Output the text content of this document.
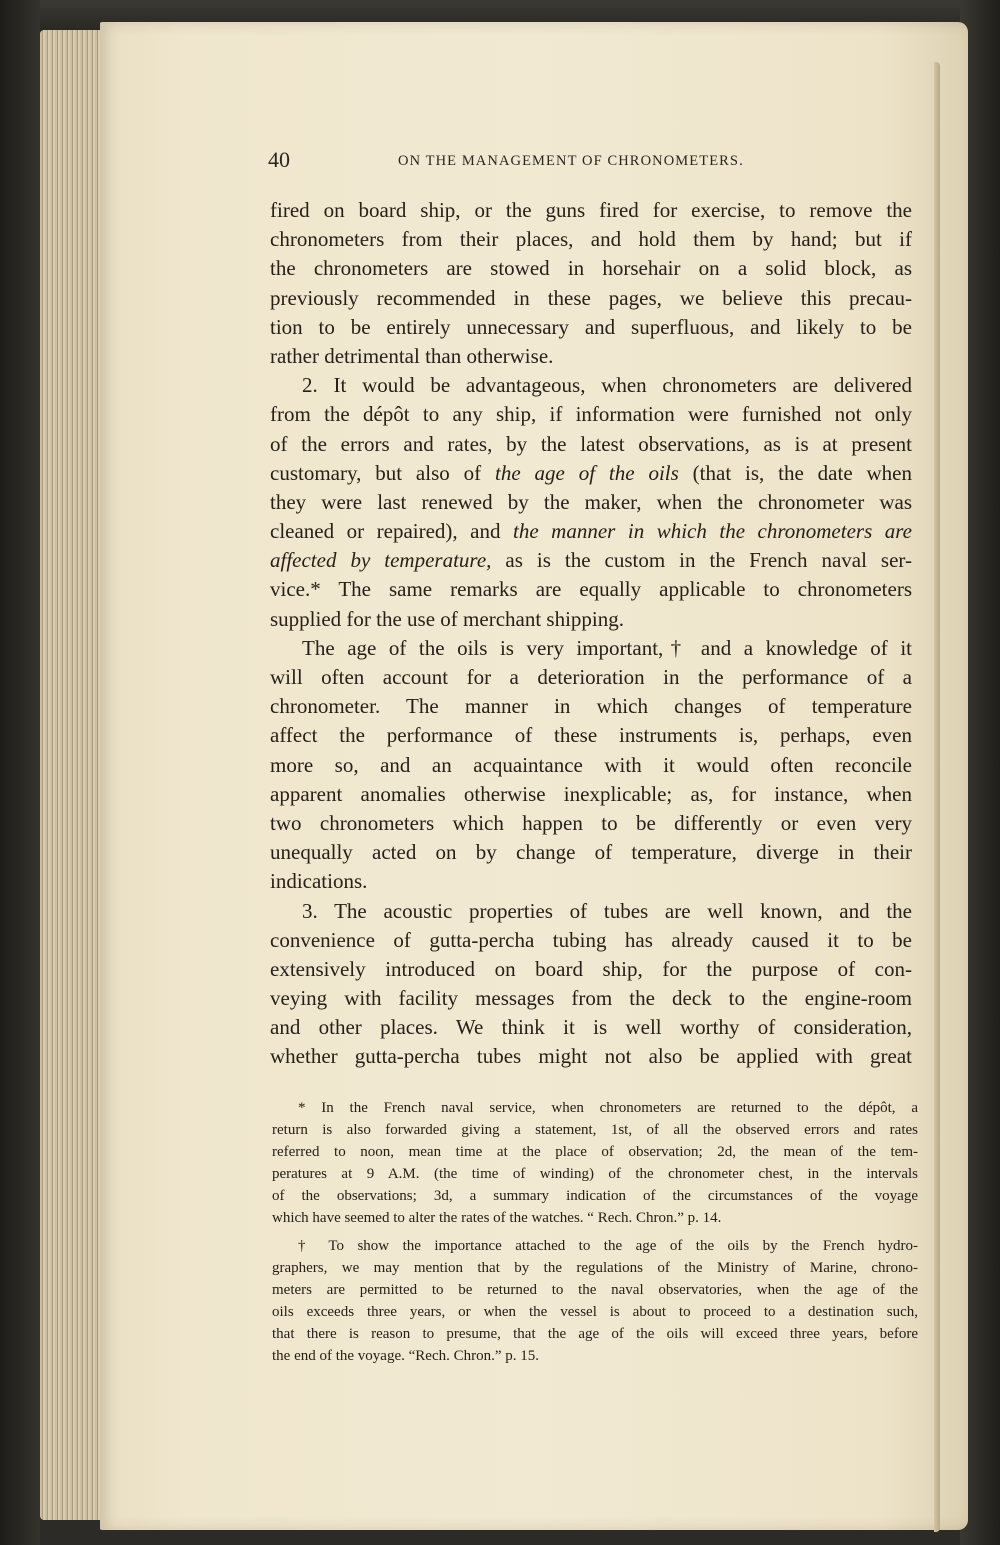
40	ON THE MANAGEMENT OF CHRONOMETERS.
fired on board ship, or the guns fired for exercise, to remove the
chronometers from their places, and hold them by hand; but if
the chronometers are stowed in horsehair on a solid block, as
previously recommended in these pages, we believe this precau-
tion to be entirely unnecessary and superfluous, and likely to be
rather detrimental than otherwise.
2. It would be advantageous, when chronometers are delivered
from the dépôt to any ship, if information were furnished not only
of the errors and rates, by the latest observations, as is at present
customary, but also of the age of the oils (that is, the date when
they were last renewed by the maker, when the chronometer was
cleaned or repaired), and the manner in which the chronometers are
affected by temperature, as is the custom in the French naval ser-
vice.* The same remarks are equally applicable to chronometers
supplied for the use of merchant shipping.
The age of the oils is very important,† and a knowledge of it
will often account for a deterioration in the performance of a
chronometer. The manner in which changes of temperature
affect the performance of these instruments is, perhaps, even
more so, and an acquaintance with it would often reconcile
apparent anomalies otherwise inexplicable; as, for instance, when
two chronometers which happen to be differently or even very
unequally acted on by change of temperature, diverge in their
indications.
3. The acoustic properties of tubes are well known, and the
convenience of gutta-percha tubing has already caused it to be
extensively introduced on board ship, for the purpose of con-
veying with facility messages from the deck to the engine-room
and other places. We think it is well worthy of consideration,
whether gutta-percha tubes might not also be applied with great
* In the French naval service, when chronometers are returned to the dépôt, a
return is also forwarded giving a statement, 1st, of all the observed errors and rates
referred to noon, mean time at the place of observation; 2d, the mean of the tem-
peratures at 9 A.M. (the time of winding) of the chronometer chest, in the intervals
of the observations; 3d, a summary indication of the circumstances of the voyage
which have seemed to alter the rates of the watches. “ Rech. Chron.” p. 14.
† To show the importance attached to the age of the oils by the French hydro-
graphers, we may mention that by the regulations of the Ministry of Marine, chrono-
meters are permitted to be returned to the naval observatories, when the age of the
oils exceeds three years, or when the vessel is about to proceed to a destination such,
that there is reason to presume, that the age of the oils will exceed three years, before
the end of the voyage. “Rech. Chron.” p. 15.
